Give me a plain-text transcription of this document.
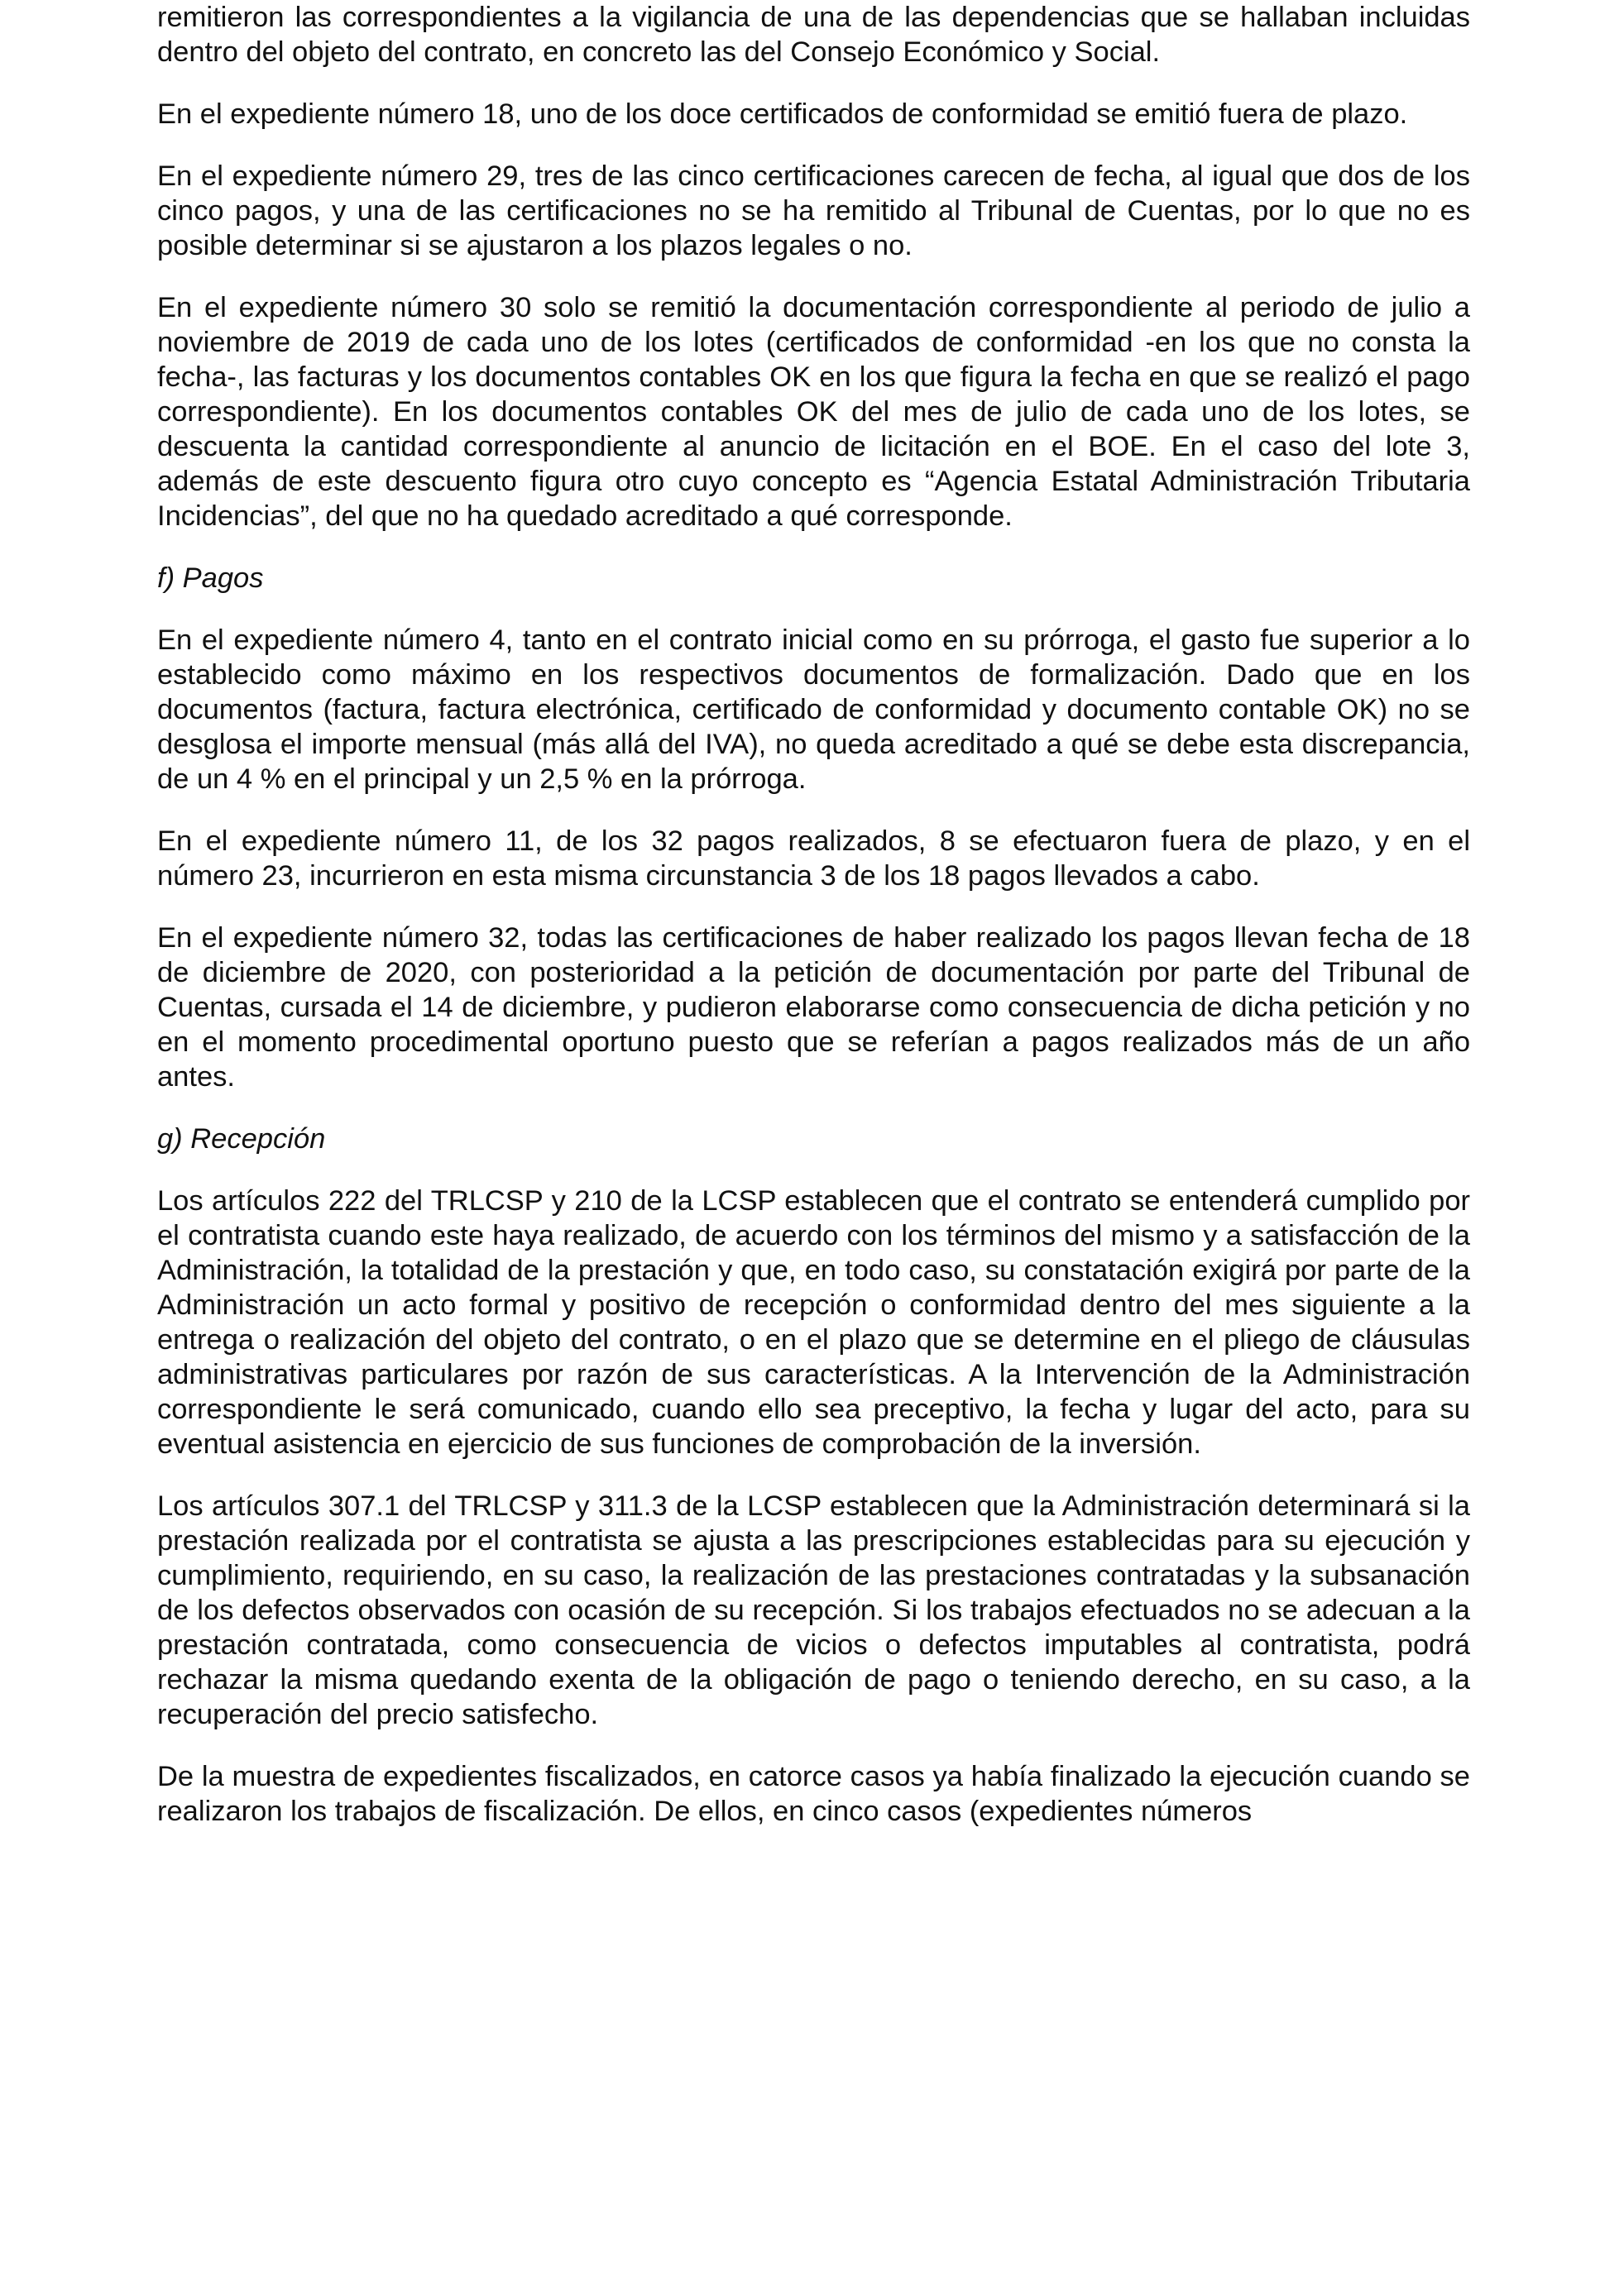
remitieron las correspondientes a la vigilancia de una de las dependencias que se hallaban incluidas dentro del objeto del contrato, en concreto las del Consejo Económico y Social.

En el expediente número 18, uno de los doce certificados de conformidad se emitió fuera de plazo.

En el expediente número 29, tres de las cinco certificaciones carecen de fecha, al igual que dos de los cinco pagos, y una de las certificaciones no se ha remitido al Tribunal de Cuentas, por lo que no es posible determinar si se ajustaron a los plazos legales o no.

En el expediente número 30 solo se remitió la documentación correspondiente al periodo de julio a noviembre de 2019 de cada uno de los lotes (certificados de conformidad -en los que no consta la fecha-, las facturas y los documentos contables OK en los que figura la fecha en que se realizó el pago correspondiente). En los documentos contables OK del mes de julio de cada uno de los lotes, se descuenta la cantidad correspondiente al anuncio de licitación en el BOE. En el caso del lote 3, además de este descuento figura otro cuyo concepto es “Agencia Estatal Administración Tributaria Incidencias”, del que no ha quedado acreditado a qué corresponde.

f) Pagos

En el expediente número 4, tanto en el contrato inicial como en su prórroga, el gasto fue superior a lo establecido como máximo en los respectivos documentos de formalización. Dado que en los documentos (factura, factura electrónica, certificado de conformidad y documento contable OK) no se desglosa el importe mensual (más allá del IVA), no queda acreditado a qué se debe esta discrepancia, de un 4 % en el principal y un 2,5 % en la prórroga.

En el expediente número 11, de los 32 pagos realizados, 8 se efectuaron fuera de plazo, y en el número 23, incurrieron en esta misma circunstancia 3 de los 18 pagos llevados a cabo.

En el expediente número 32, todas las certificaciones de haber realizado los pagos llevan fecha de 18 de diciembre de 2020, con posterioridad a la petición de documentación por parte del Tribunal de Cuentas, cursada el 14 de diciembre, y pudieron elaborarse como consecuencia de dicha petición y no en el momento procedimental oportuno puesto que se referían a pagos realizados más de un año antes.

g) Recepción

Los artículos 222 del TRLCSP y 210 de la LCSP establecen que el contrato se entenderá cumplido por el contratista cuando este haya realizado, de acuerdo con los términos del mismo y a satisfacción de la Administración, la totalidad de la prestación y que, en todo caso, su constatación exigirá por parte de la Administración un acto formal y positivo de recepción o conformidad dentro del mes siguiente a la entrega o realización del objeto del contrato, o en el plazo que se determine en el pliego de cláusulas administrativas particulares por razón de sus características. A la Intervención de la Administración correspondiente le será comunicado, cuando ello sea preceptivo, la fecha y lugar del acto, para su eventual asistencia en ejercicio de sus funciones de comprobación de la inversión.

Los artículos 307.1 del TRLCSP y 311.3 de la LCSP establecen que la Administración determinará si la prestación realizada por el contratista se ajusta a las prescripciones establecidas para su ejecución y cumplimiento, requiriendo, en su caso, la realización de las prestaciones contratadas y la subsanación de los defectos observados con ocasión de su recepción. Si los trabajos efectuados no se adecuan a la prestación contratada, como consecuencia de vicios o defectos imputables al contratista, podrá rechazar la misma quedando exenta de la obligación de pago o teniendo derecho, en su caso, a la recuperación del precio satisfecho.

De la muestra de expedientes fiscalizados, en catorce casos ya había finalizado la ejecución cuando se realizaron los trabajos de fiscalización. De ellos, en cinco casos (expedientes números
